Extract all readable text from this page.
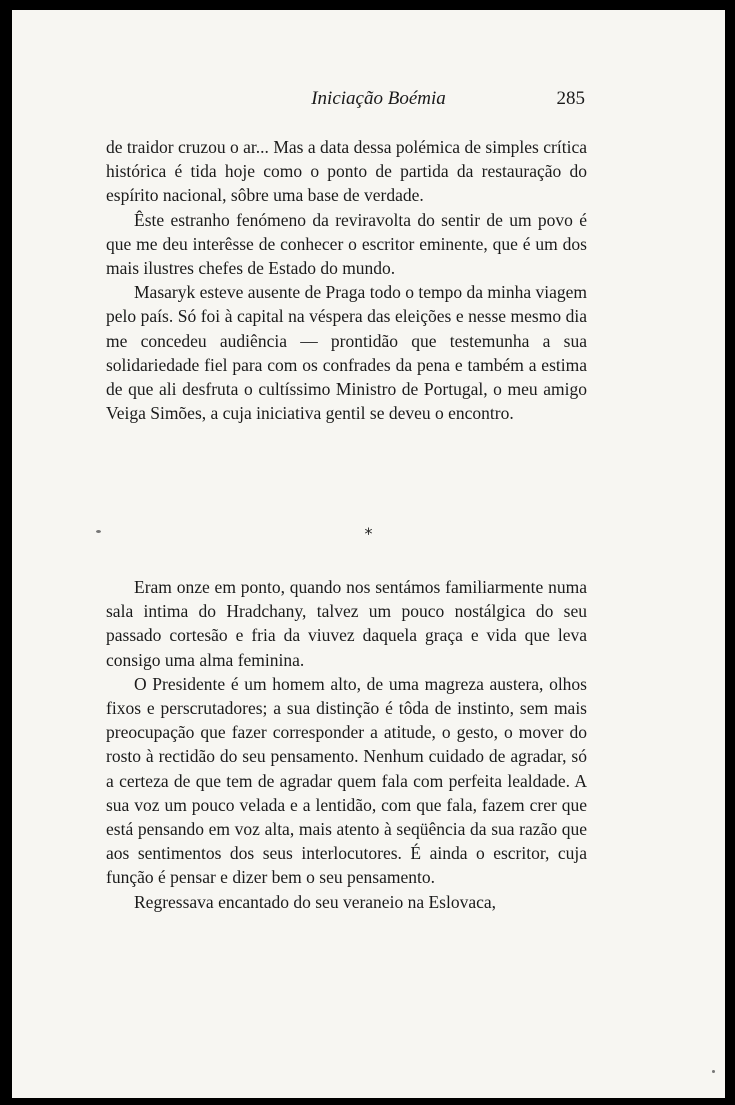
Iniciação Boémia	285

de traidor cruzou o ar... Mas a data dessa polémica de simples crítica histórica é tida hoje como o ponto de partida da restauração do espírito nacional, sôbre uma base de verdade.

Êste estranho fenómeno da reviravolta do sentir de um povo é que me deu interêsse de conhecer o escritor eminente, que é um dos mais ilustres chefes de Estado do mundo.

Masaryk esteve ausente de Praga todo o tempo da minha viagem pelo país. Só foi à capital na véspera das eleições e nesse mesmo dia me concedeu audiência — prontidão que testemunha a sua solidariedade fiel para com os confrades da pena e também a estima de que ali desfruta o cultíssimo Ministro de Portugal, o meu amigo Veiga Simões, a cuja iniciativa gentil se deveu o encontro.

*

Eram onze em ponto, quando nos sentámos familiarmente numa sala intima do Hradchany, talvez um pouco nostálgica do seu passado cortesão e fria da viuvez daquela graça e vida que leva consigo uma alma feminina.

O Presidente é um homem alto, de uma magreza austera, olhos fixos e perscrutadores; a sua distinção é tôda de instinto, sem mais preocupação que fazer corresponder a atitude, o gesto, o mover do rosto à rectidão do seu pensamento. Nenhum cuidado de agradar, só a certeza de que tem de agradar quem fala com perfeita lealdade. A sua voz um pouco velada e a lentidão, com que fala, fazem crer que está pensando em voz alta, mais atento à seqüência da sua razão que aos sentimentos dos seus interlocutores. É ainda o escritor, cuja função é pensar e dizer bem o seu pensamento.

Regressava encantado do seu veraneio na Eslovaca,
